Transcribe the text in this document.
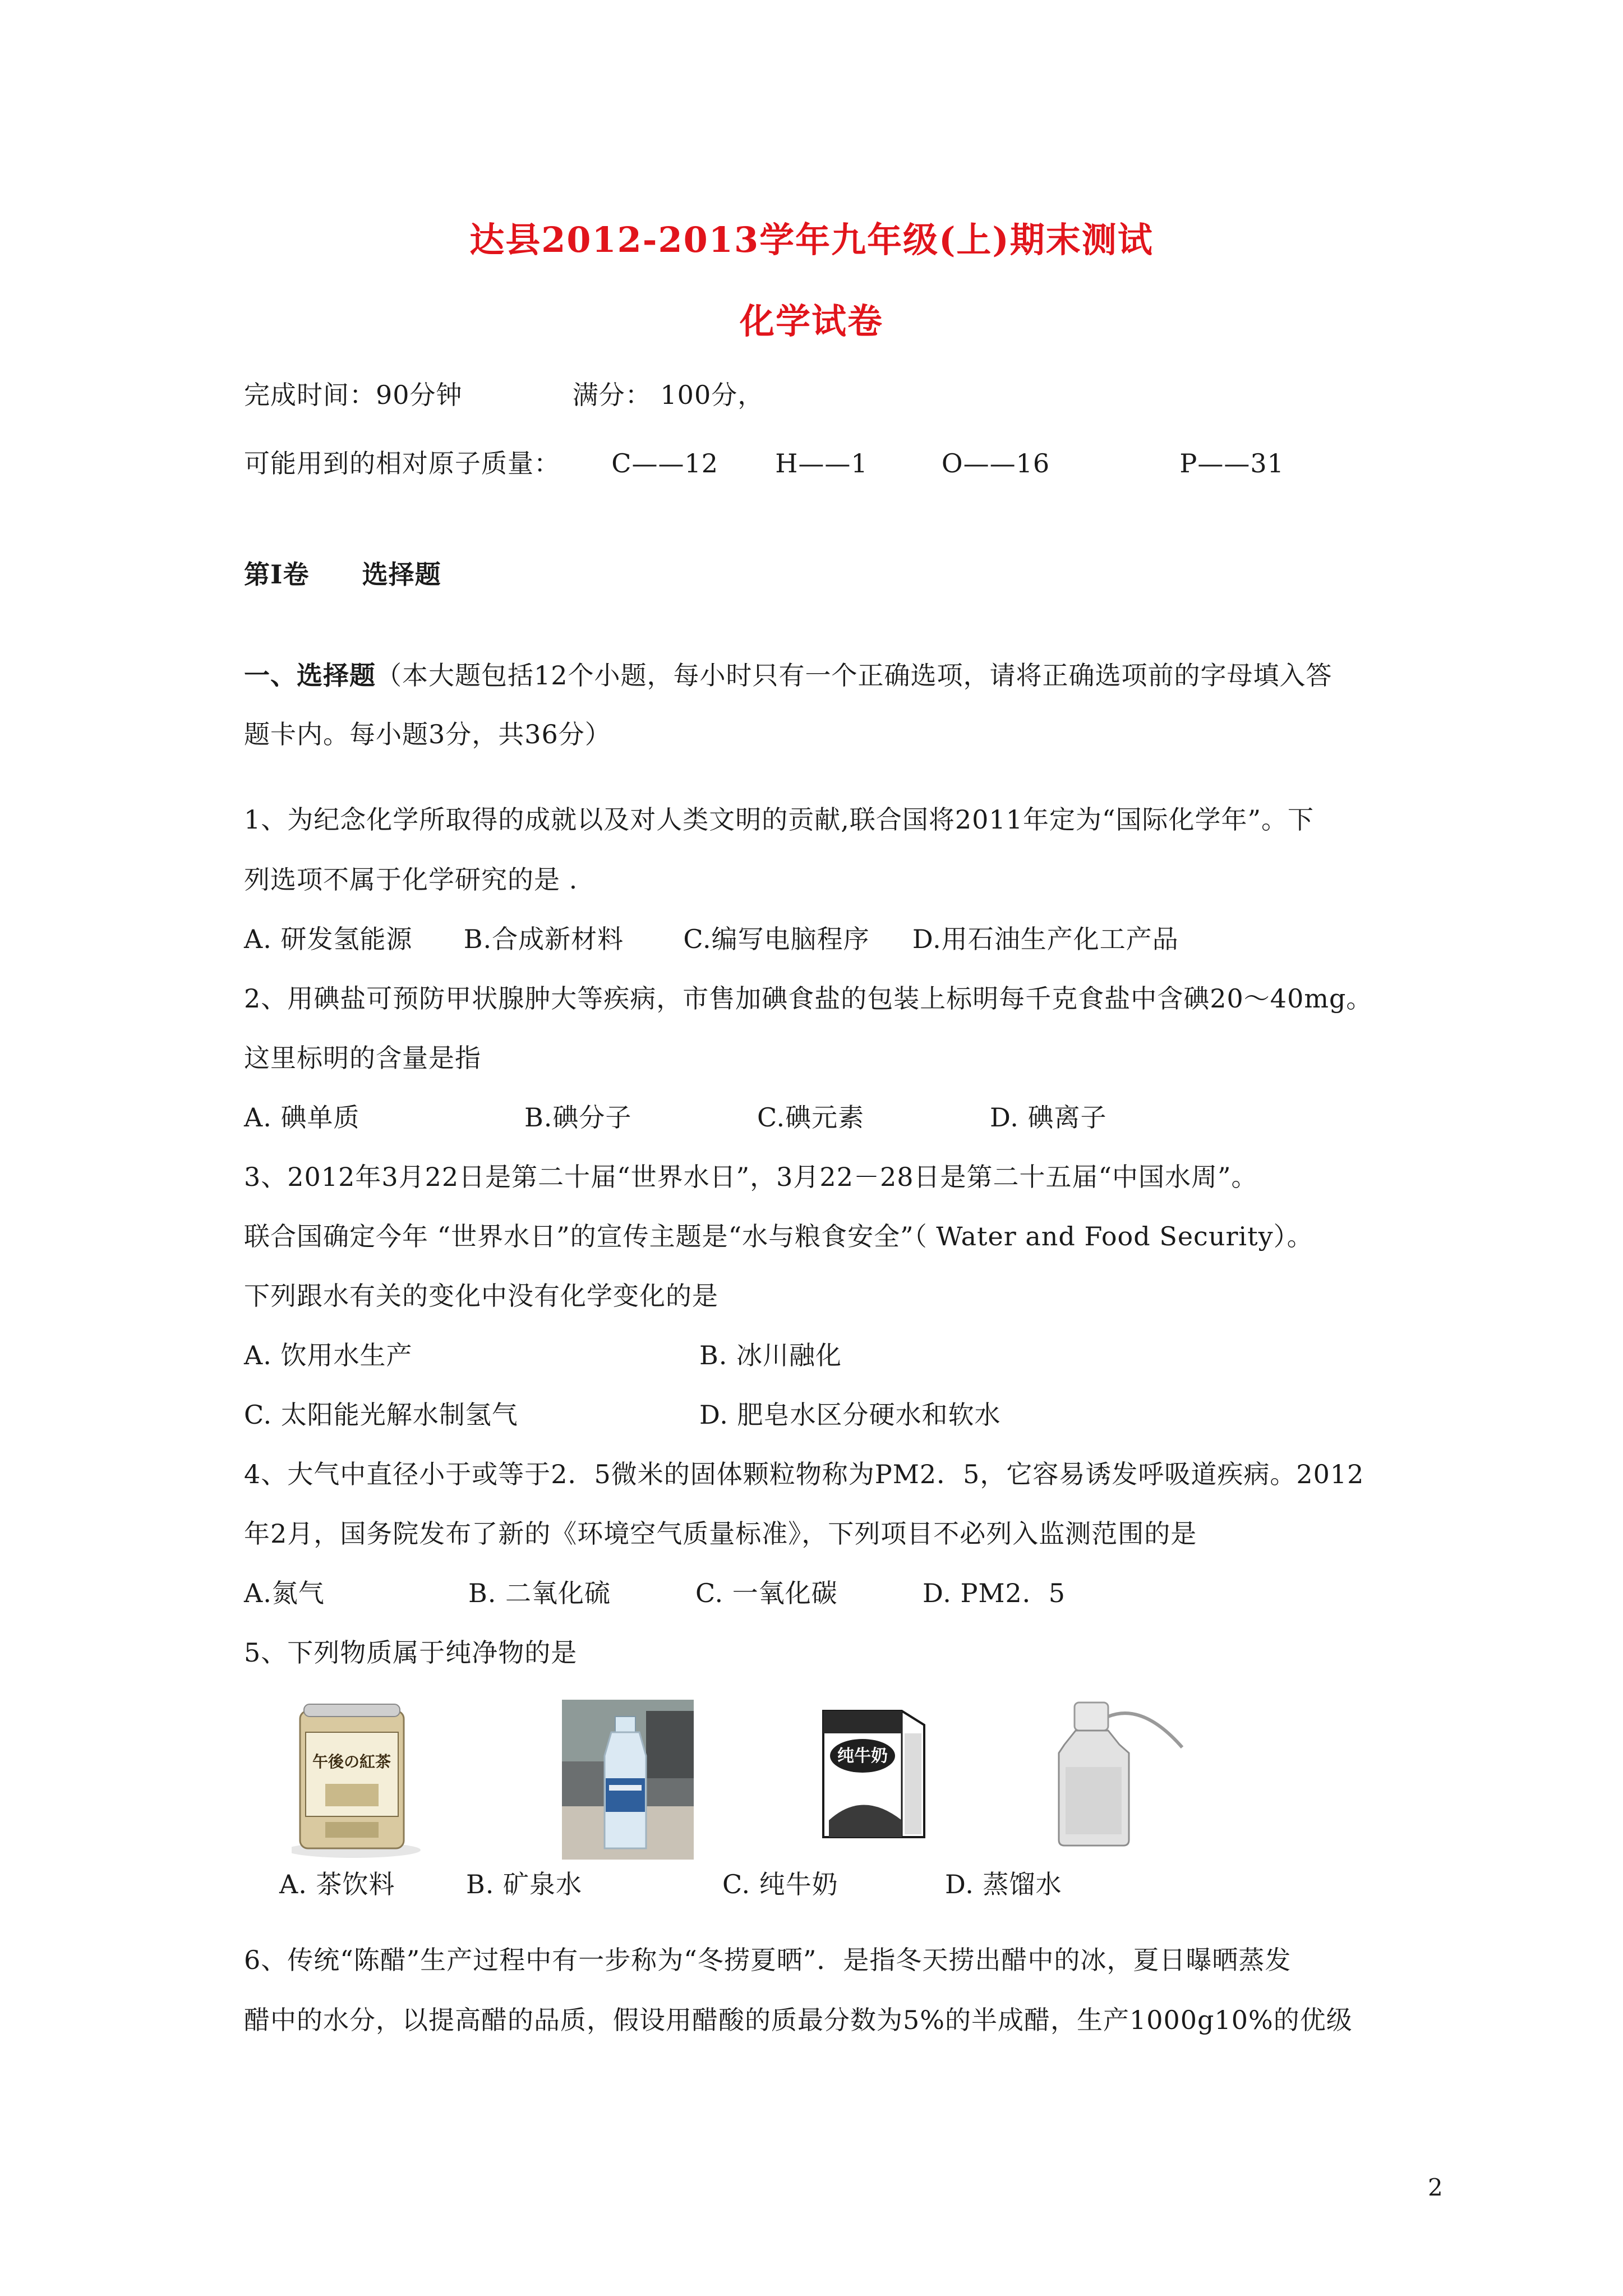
达县2012-2013学年九年级(上)期末测试
化学试卷
完成时间：90分钟	满分： 100分，
可能用到的相对原子质量： C——12 H——1	O——16	P——31
第Ⅰ卷 选择题
一、选择题（本大题包括12个小题，每小时只有一个正确选项，请将正确选项前的字母填入答
题卡内。每小题3分，共36分）
1、为纪念化学所取得的成就以及对人类文明的贡献,联合国将2011年定为“国际化学年”。下
列选项不属于化学研究的是 .
A. 研发氢能源 B.合成新材料 C.编写电脑程序 D.用石油生产化工产品
2、用碘盐可预防甲状腺肿大等疾病，市售加碘食盐的包装上标明每千克食盐中含碘20～40mg。
这里标明的含量是指
A. 碘单质	B.碘分子	C.碘元素	D. 碘离子
3、2012年3月22日是第二十届“世界水日”，3月22－28日是第二十五届“中国水周”。
联合国确定今年 “世界水日”的宣传主题是“水与粮食安全”（ Water and Food Security）。
下列跟水有关的变化中没有化学变化的是
A. 饮用水生产	B. 冰川融化
C. 太阳能光解水制氢气	D. 肥皂水区分硬水和软水
4、大气中直径小于或等于2．5微米的固体颗粒物称为PM2．5，它容易诱发呼吸道疾病。2012
年2月，国务院发布了新的《环境空气质量标准》，下列项目不必列入监测范围的是
A.氮气	B. 二氧化硫	C. 一氧化碳	D. PM2．5
5、下列物质属于纯净物的是
午後の紅茶	纯牛奶
A. 茶饮料	B. 矿泉水	C. 纯牛奶	D. 蒸馏水
6、传统“陈醋”生产过程中有一步称为“冬捞夏晒”．是指冬天捞出醋中的冰，夏日曝晒蒸发
醋中的水分，以提高醋的品质，假设用醋酸的质最分数为5%的半成醋，生产1000g10%的优级
2
